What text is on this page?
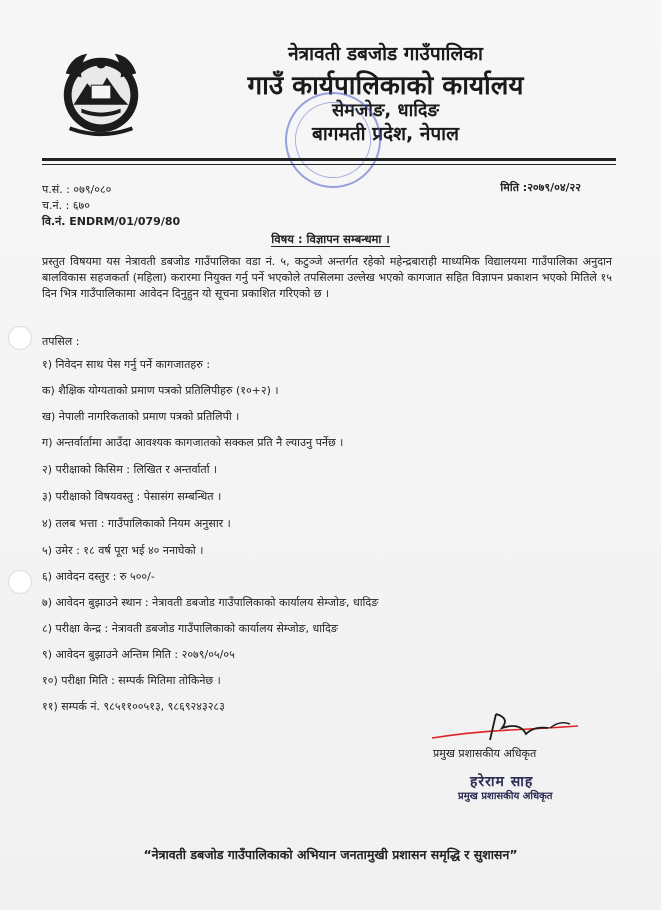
नेत्रावती डबजोड गाउँपालिका
गाउँ कार्यपालिकाको कार्यालय
सेमजोङ, धादिङ
बागमती प्रदेश, नेपाल
प.सं. : ०७९/०८०
च.नं. : ६७०
वि.नं. ENDRM/01/079/80
मिति :२०७९/०४/२२
विषय : विज्ञापन सम्बन्धमा ।
प्रस्तुत विषयमा यस नेत्रावती डबजोड गाउँपालिका वडा नं. ५, कटुञ्जे अन्तर्गत रहेको महेन्द्रबाराही माध्यमिक विद्यालयमा गाउँपालिका अनुदान बालविकास सहजकर्ता (महिला) करारमा नियुक्त गर्नु पर्ने भएकोले तपसिलमा उल्लेख भएको कागजात सहित विज्ञापन प्रकाशन भएको मितिले १५ दिन भित्र गाउँपालिकामा आवेदन दिनुहुन यो सूचना प्रकाशित गरिएको छ ।
तपसिल :
१) निवेदन साथ पेस गर्नु पर्ने कागजातहरु :
क) शैक्षिक योग्यताको प्रमाण पत्रको प्रतिलिपीहरु (१०+२) ।
ख) नेपाली नागरिकताको प्रमाण पत्रको प्रतिलिपी ।
ग) अन्तर्वार्तामा आउँदा आवश्यक कागजातको सक्कल प्रति नै ल्याउनु पर्नेछ ।
२) परीक्षाको किसिम : लिखित र अन्तर्वार्ता ।
३) परीक्षाको विषयवस्तु : पेसासंग सम्बन्धित ।
४) तलब भत्ता : गाउँपालिकाको नियम अनुसार ।
५) उमेर : १८ वर्ष पूरा भई ४० ननाघेको ।
६) आवेदन दस्तुर : रु ५००/-
७) आवेदन बुझाउने स्थान : नेत्रावती डबजोड गाउँपालिकाको कार्यालय सेम्जोङ, धादिङ
८) परीक्षा केन्द्र : नेत्रावती डबजोड गाउँपालिकाको कार्यालय सेम्जोङ, धादिङ
९) आवेदन बुझाउने अन्तिम मिति : २०७९/०५/०५
१०) परीक्षा मिति : सम्पर्क मितिमा तोकिनेछ ।
११) सम्पर्क नं. ९८५११००५१३, ९८६९२४३२८३
प्रमुख प्रशासकीय अधिकृत
हरेराम साह
प्रमुख प्रशासकीय अधिकृत
“नेत्रावती डबजोड गाउँपालिकाको अभियान जनतामुखी प्रशासन समृद्धि र सुशासन”
